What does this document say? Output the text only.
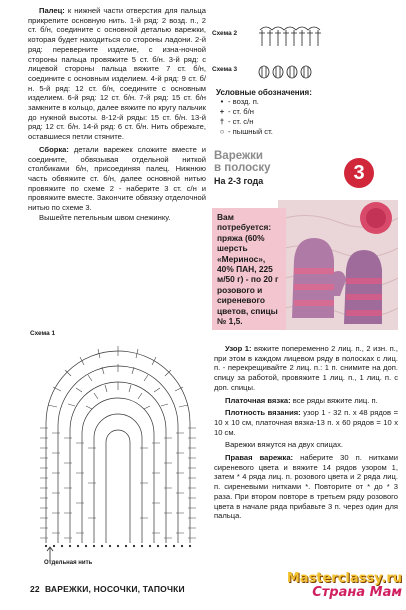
Палец: к нижней части отверстия для пальца прикрепите основную нить. 1-й ряд: 2 возд. п., 2 ст. б/н, соедините с основной деталью варежки, которая будет находиться со стороны ладони. 2-й ряд: переверните изделие, с изна-ночной стороны пальца провяжите 5 ст. б/н. 3-й ряд: с лицевой стороны пальца вяжите 7 ст. б/н, соедините с основным изделием. 4-й ряд: 9 ст. б/н. 5-й ряд: 12 ст. б/н, соедините с основным изделием. 6-й ряд: 12 ст. б/н. 7-й ряд: 15 ст. б/н замкните в кольцо, далее вяжите по кругу пальчик до нужной высоты. 8-12-й ряды: 15 ст. б/н. 13-й ряд: 12 ст. б/н. 14-й ряд: 6 ст. б/н. Нить обрежьте, оставшиеся петли стяните.

Сборка: детали варежек сложите вместе и соедините, обвязывая отдельной нитко​й столбиками б/н, присоединяя палец. Нижнюю часть обвяжите ст. б/н, далее основной нитью провяжите по схеме 2 - наберите 3 ст. с/н и провяжите вместе. Закончите обвязку отделочной нитью по схеме 3.

Вышейте петельным швом снежинку.

Схема 1
Отдельная нить
Схема 2
Схема 3
Условные обозначения:
• - возд. п.
+ - ст. б/н
† - ст. с/н
○ - пышный ст.
Варежки
в полоску
На 2-3 года	3
Вам потребуется: пряжа (60% шерсть «Меринос», 40% ПАН, 225 м/50 г) - по 20 г розового и сиреневого цветов, спицы № 1,5.

Узор 1: вяжите попеременно 2 лиц. п., 2 изн. п., при этом в каждом лицевом ряду в полосках с лиц. п. - перекрещивайте 2 лиц. п.: 1 п. снимите на доп. спицу за работой, провяжите 1 лиц. п., 1 лиц. п. с доп. спицы.

Платочная вязка: все ряды вяжите лиц. п.

Плотность вязания: узор 1 - 32 п. х 48 рядов = 10 х 10 см, платочная вязка-13 п. х 60 рядов = 10 х 10 см.

Варежки вяжутся на двух спицах.

Правая варежка: наберите 30 п. нитками сиреневого цвета и вяжите 14 рядов узором 1, затем * 4 ряда лиц. п. розового цвета и 2 ряда лиц. п. сиреневыми нитками *. Повторите от * до * 3 раза. При втором повторе в третьем ряду розового цвета в начале ряда прибавьте 3 п. через один для пальца.

22 ВАРЕЖКИ, НОСОЧКИ, ТАПОЧКИ
Masterclassy.ru
Страна Мам
